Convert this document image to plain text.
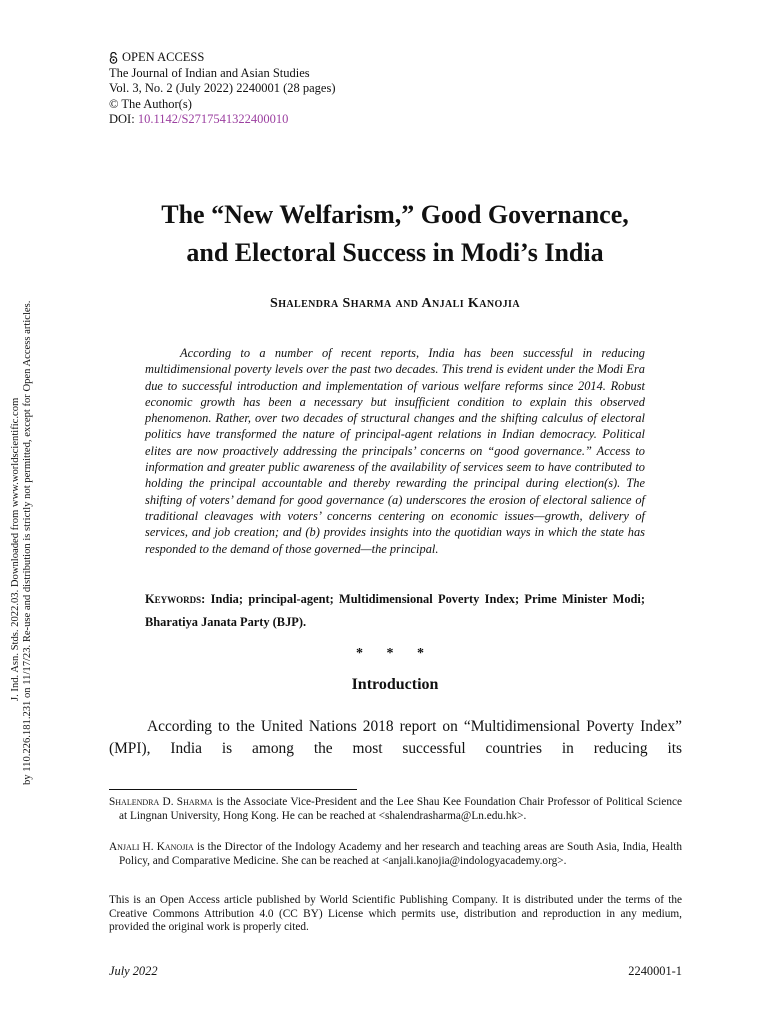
J. Ind. Asn. Stds. 2022.03. Downloaded from www.worldscientific.com by 110.226.181.231 on 11/17/23. Re-use and distribution is strictly not permitted, except for Open Access articles.
OPEN ACCESS
The Journal of Indian and Asian Studies
Vol. 3, No. 2 (July 2022) 2240001 (28 pages)
© The Author(s)
DOI: 10.1142/S2717541322400010
The “New Welfarism,” Good Governance,
and Electoral Success in Modi’s India
Shalendra Sharma and Anjali Kanojia

According to a number of recent reports, India has been successful in reducing multidimensional poverty levels over the past two decades. This trend is evident under the Modi Era due to successful introduction and implementation of various welfare reforms since 2014. Robust economic growth has been a necessary but insufficient condition to explain this observed phenomenon. Rather, over two decades of structural changes and the shifting calculus of electoral politics have transformed the nature of principal-agent relations in Indian democracy. Political elites are now proactively addressing the principals’ concerns on “good governance.” Access to information and greater public awareness of the availability of services seem to have contributed to holding the principal accountable and thereby rewarding the principal during election(s). The shifting of voters’ demand for good governance (a) underscores the erosion of electoral salience of traditional cleavages with voters’ concerns centering on economic issues—growth, delivery of services, and job creation; and (b) provides insights into the quotidian ways in which the state has responded to the demand of those governed—the principal.

Keywords: India; principal-agent; Multidimensional Poverty Index; Prime Minister Modi; Bharatiya Janata Party (BJP).
* * *
Introduction

According to the United Nations 2018 report on “Multidimensional Poverty Index” (MPI), India is among the most successful countries in reducing its

Shalendra D. Sharma is the Associate Vice-President and the Lee Shau Kee Foundation Chair Professor of Political Science at Lingnan University, Hong Kong. He can be reached at <shalendrasharma@Ln.edu.hk>.

Anjali H. Kanojia is the Director of the Indology Academy and her research and teaching areas are South Asia, India, Health Policy, and Comparative Medicine. She can be reached at <anjali.kanojia@indologyacademy.org>.

This is an Open Access article published by World Scientific Publishing Company. It is distributed under the terms of the Creative Commons Attribution 4.0 (CC BY) License which permits use, distribution and reproduction in any medium, provided the original work is properly cited.

July 2022	2240001-1
